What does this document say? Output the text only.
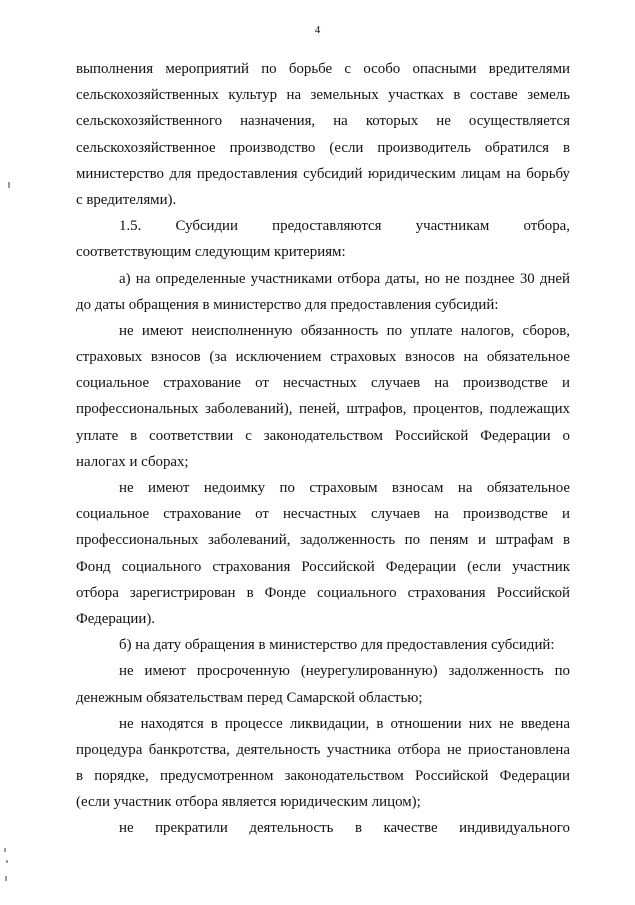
4
выполнения мероприятий по борьбе с особо опасными вредителями
сельскохозяйственных культур на земельных участках в составе земель
сельскохозяйственного назначения, на которых не осуществляется
сельскохозяйственное производство (если производитель обратился в
министерство для предоставления субсидий юридическим лицам на борьбу
с вредителями).
1.5. Субсидии предоставляются участникам отбора,
соответствующим следующим критериям:
а) на определенные участниками отбора даты, но не позднее 30 дней
до даты обращения в министерство для предоставления субсидий:
не имеют неисполненную обязанность по уплате налогов, сборов,
страховых взносов (за исключением страховых взносов на обязательное
социальное страхование от несчастных случаев на производстве и
профессиональных заболеваний), пеней, штрафов, процентов, подлежащих
уплате в соответствии с законодательством Российской Федерации о
налогах и сборах;
не имеют недоимку по страховым взносам на обязательное
социальное страхование от несчастных случаев на производстве и
профессиональных заболеваний, задолженность по пеням и штрафам в
Фонд социального страхования Российской Федерации (если участник
отбора зарегистрирован в Фонде социального страхования Российской
Федерации).
б) на дату обращения в министерство для предоставления субсидий:
не имеют просроченную (неурегулированную) задолженность по
денежным обязательствам перед Самарской областью;
не находятся в процессе ликвидации, в отношении них не введена
процедура банкротства, деятельность участника отбора не приостановлена
в порядке, предусмотренном законодательством Российской Федерации
(если участник отбора является юридическим лицом);
не прекратили деятельность в качестве индивидуального
